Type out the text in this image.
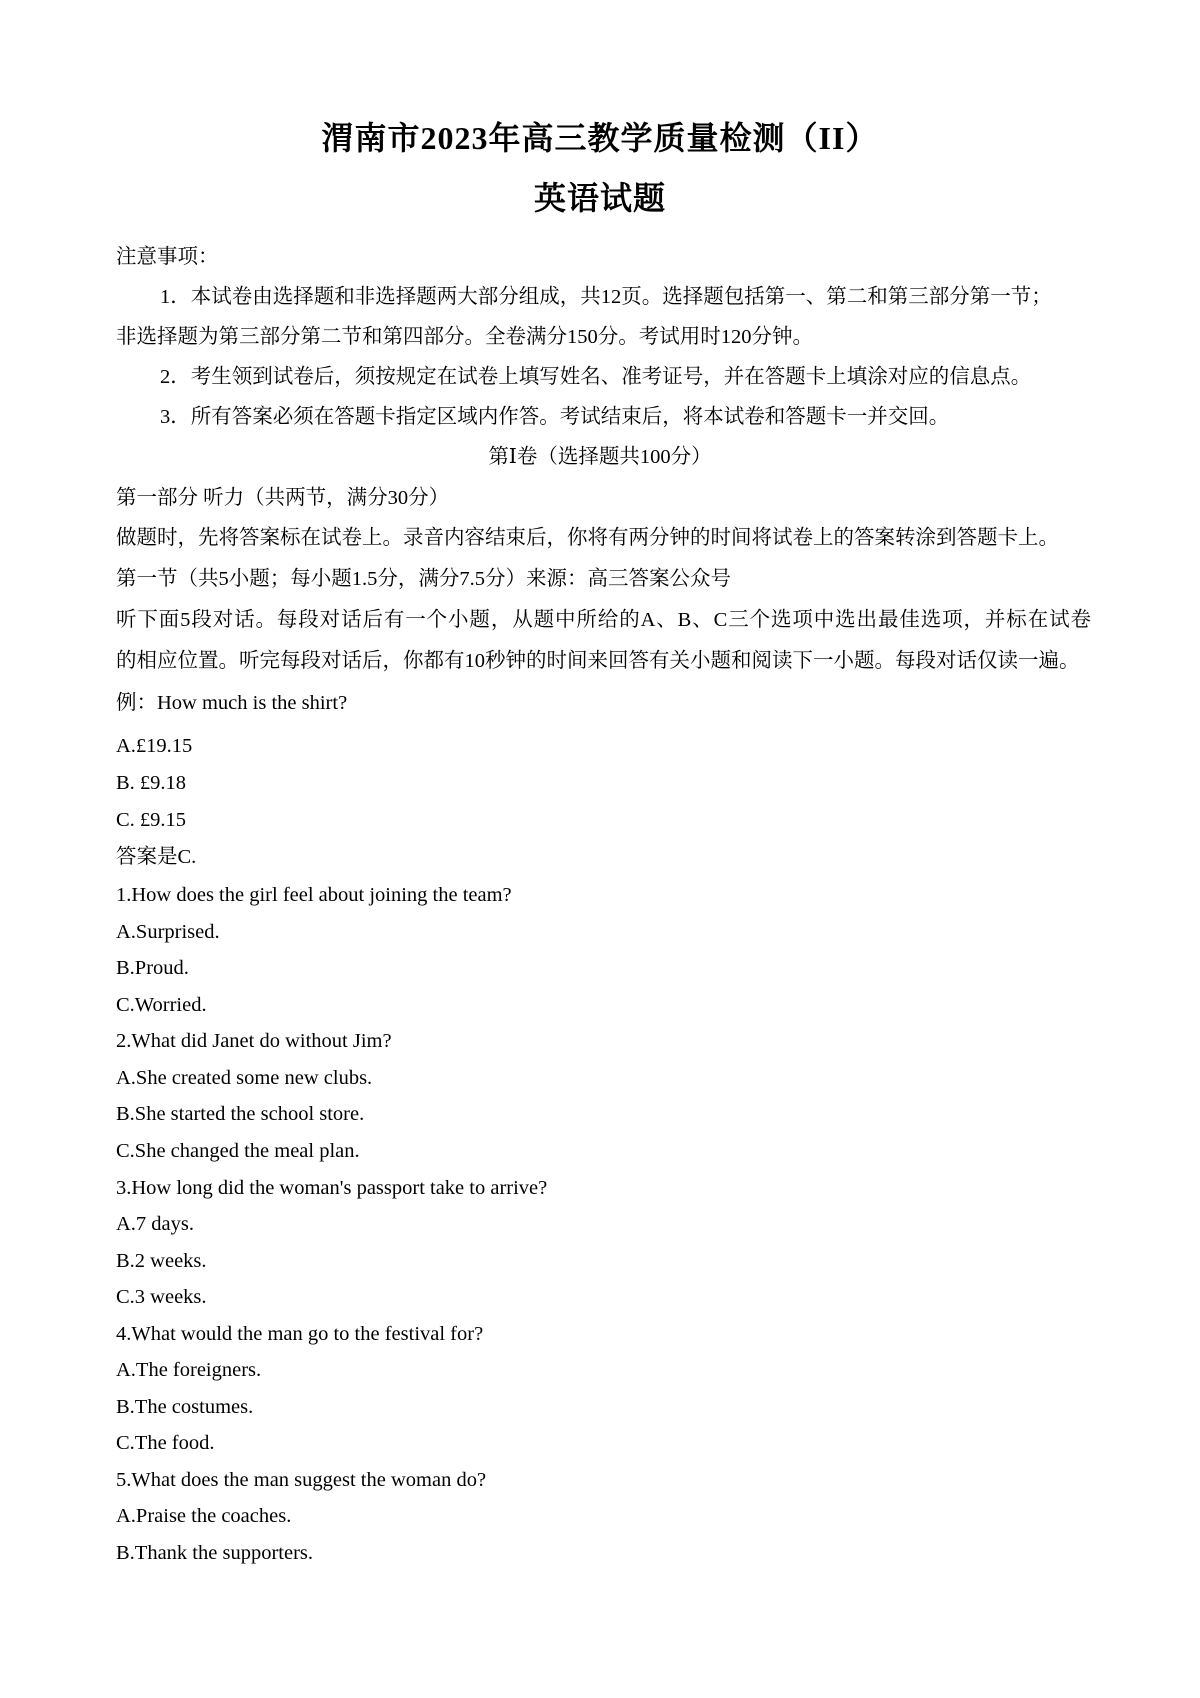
渭南市2023年高三教学质量检测（II）
英语试题
注意事项：
1．本试卷由选择题和非选择题两大部分组成，共12页。选择题包括第一、第二和第三部分第一节；
非选择题为第三部分第二节和第四部分。全卷满分150分。考试用时120分钟。
2．考生领到试卷后，须按规定在试卷上填写姓名、准考证号，并在答题卡上填涂对应的信息点。
3．所有答案必须在答题卡指定区域内作答。考试结束后，将本试卷和答题卡一并交回。
第Ⅰ卷（选择题共100分）
第一部分 听力（共两节，满分30分）
做题时，先将答案标在试卷上。录音内容结束后，你将有两分钟的时间将试卷上的答案转涂到答题卡上。
第一节（共5小题；每小题1.5分，满分7.5分）来源：高三答案公众号
听下面5段对话。每段对话后有一个小题，从题中所给的A、B、C三个选项中选出最佳选项，并标在试卷
的相应位置。听完每段对话后，你都有10秒钟的时间来回答有关小题和阅读下一小题。每段对话仅读一遍。
例：How much is the shirt?
A.£19.15
B. £9.18
C. £9.15
答案是C.
1.How does the girl feel about joining the team?
A.Surprised.
B.Proud.
C.Worried.
2.What did Janet do without Jim?
A.She created some new clubs.
B.She started the school store.
C.She changed the meal plan.
3.How long did the woman's passport take to arrive?
A.7 days.
B.2 weeks.
C.3 weeks.
4.What would the man go to the festival for?
A.The foreigners.
B.The costumes.
C.The food.
5.What does the man suggest the woman do?
A.Praise the coaches.
B.Thank the supporters.
